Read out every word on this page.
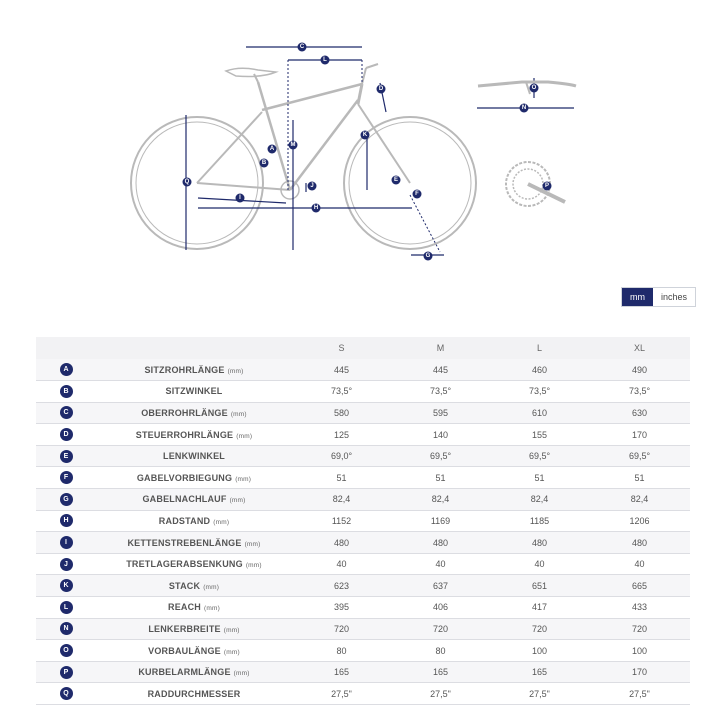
A
B
C
D
E
F
G
H
I
J
K
L
M
N
O
P
Q
mm	inches
		S	M	L	XL
A	SITZROHRLÄNGE (mm)	445	445	460	490
B	SITZWINKEL	73,5°	73,5°	73,5°	73,5°
C	OBERROHRLÄNGE (mm)	580	595	610	630
D	STEUERROHRLÄNGE (mm)	125	140	155	170
E	LENKWINKEL	69,0°	69,5°	69,5°	69,5°
F	GABELVORBIEGUNG (mm)	51	51	51	51
G	GABELNACHLAUF (mm)	82,4	82,4	82,4	82,4
H	RADSTAND (mm)	1152	1169	1185	1206
I	KETTENSTREBENLÄNGE (mm)	480	480	480	480
J	TRETLAGERABSENKUNG (mm)	40	40	40	40
K	STACK (mm)	623	637	651	665
L	REACH (mm)	395	406	417	433
N	LENKERBREITE (mm)	720	720	720	720
O	VORBAULÄNGE (mm)	80	80	100	100
P	KURBELARMLÄNGE (mm)	165	165	165	170
Q	RADDURCHMESSER	27,5"	27,5"	27,5"	27,5"
